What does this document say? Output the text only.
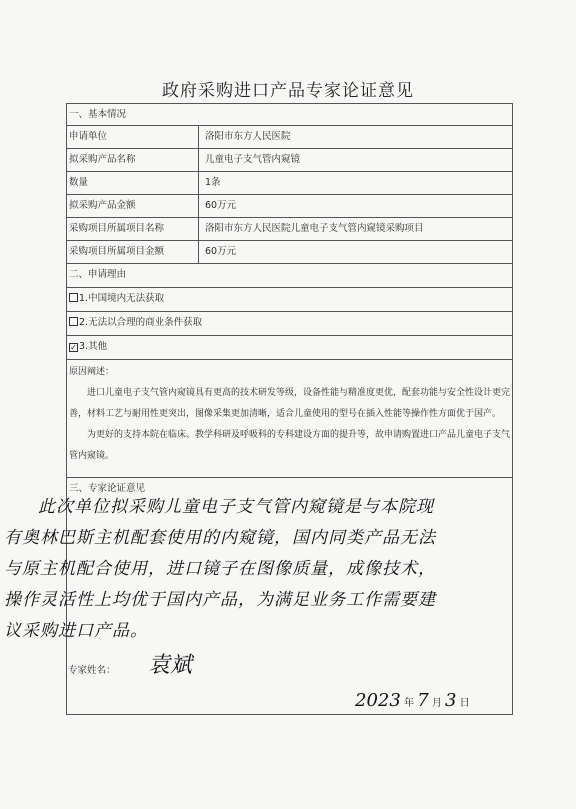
政府采购进口产品专家论证意见
一、基本情况
申请单位	洛阳市东方人民医院
拟采购产品名称	儿童电子支气管内窥镜
数量	1条
拟采购产品金额	60万元
采购项目所属项目名称	洛阳市东方人民医院儿童电子支气管内窥镜采购项目
采购项目所属项目金额	60万元
二、申请理由
1.中国境内无法获取
2.无法以合理的商业条件获取
✓ 3.其他
原因阐述：

进口儿童电子支气管内窥镜具有更高的技术研发等级，设备性能与精准度更优，配套功能与安全性设计更完善，材料工艺与耐用性更突出，图像采集更加清晰，适合儿童使用的型号在插入性能等操作性方面优于国产。

为更好的支持本院在临床、教学科研及呼吸科的专科建设方面的提升等，故申请购置进口产品儿童电子支气管内窥镜。

三、专家论证意见

此次单位拟采购儿童电子支气管内窥镜是与本院现有奥林巴斯主机配套使用的内窥镜，国内同类产品无法与原主机配合使用，进口镜子在图像质量，成像技术，操作灵活性上均优于国内产品，为满足业务工作需要建议采购进口产品。

专家姓名： 袁斌
2023 年 7 月 3 日
